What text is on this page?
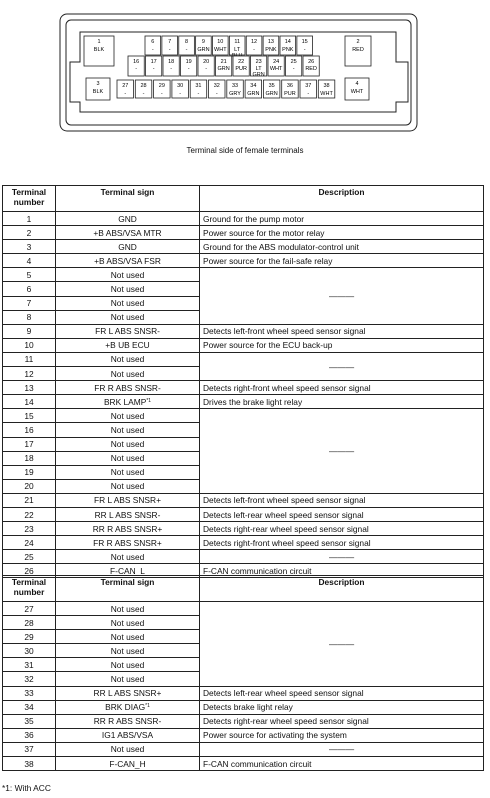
1
BLK
6
-
7
-
8
-
9
GRN
10
WHT
11
LT
12
-
13
PNK
14
PNK
15
-
16
-
17
-
18
-
19
-
20
-
21
GRN
22
PUR
23
LT
GRN
24
WHT
25
-
26
RED
2
RED
3
BLK
27
-
28
-
29
-
30
-
31
-
32
-
33
GRY
34
GRN
35
GRN
36
PUR
37
-
38
WHT
4
WHT
Terminal side of female terminals
Terminal number	Terminal sign	Description
1	GND	Ground for the pump motor
2	+B ABS/VSA MTR	Power source for the motor relay
3	GND	Ground for the ABS modulator-control unit
4	+B ABS/VSA FSR	Power source for the fail-safe relay
5	Not used	———
6	Not used	
7	Not used	
8	Not used	
9	FR L ABS SNSR-	Detects left-front wheel speed sensor signal
10	+B UB ECU	Power source for the ECU back-up
11	Not used	———
12	Not used	
13	FR R ABS SNSR-	Detects right-front wheel speed sensor signal
14	BRK LAMP$^{*1}$	Drives the brake light relay
15	Not used	———
16	Not used	
17	Not used	
18	Not used	
19	Not used	
20	Not used	
21	FR L ABS SNSR+	Detects left-front wheel speed sensor signal
22	RR L ABS SNSR-	Detects left-rear wheel speed sensor signal
23	RR R ABS SNSR+	Detects right-rear wheel speed sensor signal
24	FR R ABS SNSR+	Detects right-front wheel speed sensor signal
25	Not used	———
26	F-CAN_L	F-CAN communication circuit
Terminal number	Terminal sign	Description
27	Not used	———
28	Not used	
29	Not used	
30	Not used	
31	Not used	
32	Not used	
33	RR L ABS SNSR+	Detects left-rear wheel speed sensor signal
34	BRK DIAG$^{*1}$	Detects brake light relay
35	RR R ABS SNSR-	Detects right-rear wheel speed sensor signal
36	IG1 ABS/VSA	Power source for activating the system
37	Not used	———
38	F-CAN_H	F-CAN communication circuit
*1: With ACC
